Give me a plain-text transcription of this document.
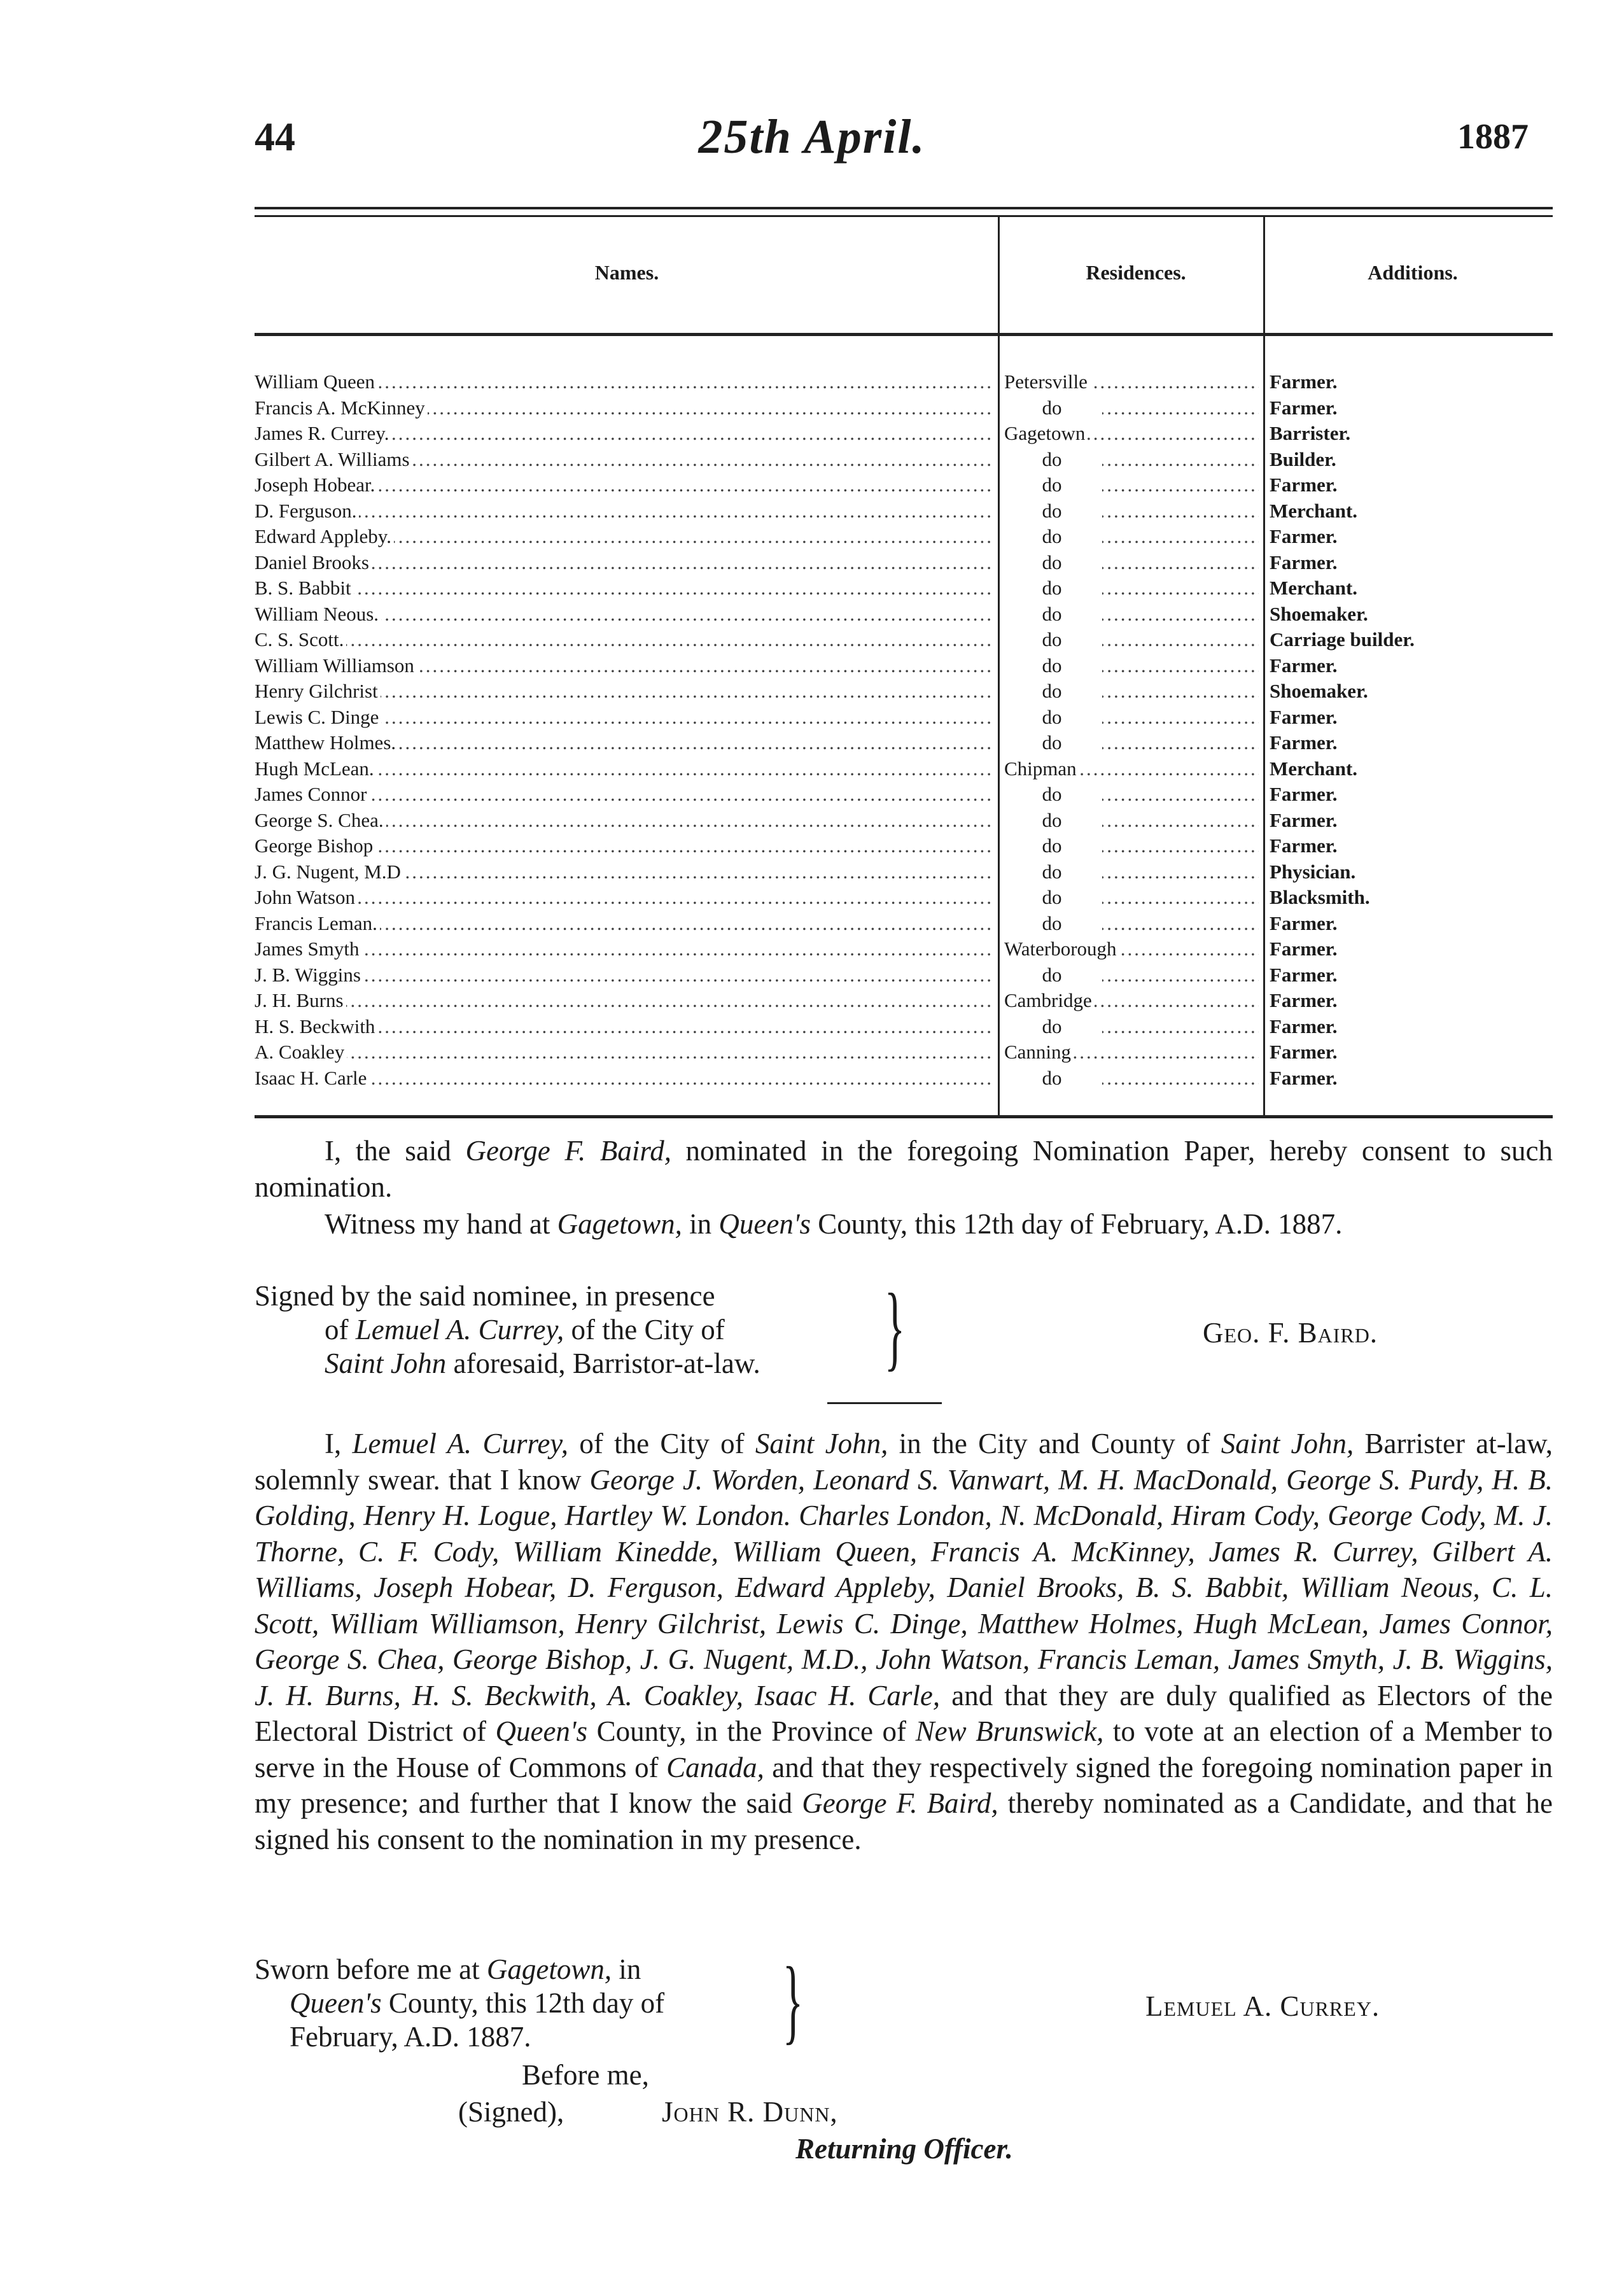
44	25th April.	1887
Names.	Residences.	Additions.
William Queen .....	Petersville .....	Farmer.
Francis A. McKinney .....	do .....	Farmer.
James R. Currey. .....	Gagetown .....	Barrister.
Gilbert A. Williams .....	do .....	Builder.
Joseph Hobear. .....	do .....	Farmer.
D. Ferguson. .....	do .....	Merchant.
Edward Appleby. .....	do .....	Farmer.
Daniel Brooks .....	do .....	Farmer.
B. S. Babbit .....	do .....	Merchant.
William Neous. .....	do .....	Shoemaker.
C. S. Scott. .....	do .....	Carriage builder.
William Williamson .....	do .....	Farmer.
Henry Gilchrist .....	do .....	Shoemaker.
Lewis C. Dinge .....	do .....	Farmer.
Matthew Holmes. .....	do .....	Farmer.
Hugh McLean. .....	Chipman .....	Merchant.
James Connor .....	do .....	Farmer.
George S. Chea. .....	do .....	Farmer.
George Bishop .....	do .....	Farmer.
J. G. Nugent, M.D .....	do .....	Physician.
John Watson .....	do .....	Blacksmith.
Francis Leman. .....	do .....	Farmer.
James Smyth .....	Waterborough .....	Farmer.
J. B. Wiggins .....	do .....	Farmer.
J. H. Burns .....	Cambridge .....	Farmer.
H. S. Beckwith .....	do .....	Farmer.
A. Coakley .....	Canning .....	Farmer.
Isaac H. Carle .....	do .....	Farmer.
I, the said George F. Baird, nominated in the foregoing Nomination Paper, hereby consent to such nomination.
Witness my hand at Gagetown, in Queen's County, this 12th day of February, A.D. 1887.
Signed by the said nominee, in presence
of Lemuel A. Currey, of the City of
Saint John aforesaid, Barristor-at-law.	}	Geo. F. Baird.
I, Lemuel A. Currey, of the City of Saint John, in the City and County of Saint John, Barrister at-law, solemnly swear. that I know George J. Worden, Leonard S. Vanwart, M. H. MacDonald, George S. Purdy, H. B. Golding, Henry H. Logue, Hartley W. London. Charles London, N. McDonald, Hiram Cody, George Cody, M. J. Thorne, C. F. Cody, William Kinedde, William Queen, Francis A. McKinney, James R. Currey, Gilbert A. Williams, Joseph Hobear, D. Ferguson, Edward Appleby, Daniel Brooks, B. S. Babbit, William Neous, C. L. Scott, William Williamson, Henry Gilchrist, Lewis C. Dinge, Matthew Holmes, Hugh McLean, James Connor, George S. Chea, George Bishop, J. G. Nugent, M.D., John Watson, Francis Leman, James Smyth, J. B. Wiggins, J. H. Burns, H. S. Beckwith, A. Coakley, Isaac H. Carle, and that they are duly qualified as Electors of the Electoral District of Queen's County, in the Province of New Brunswick, to vote at an election of a Member to serve in the House of Commons of Canada, and that they respectively signed the foregoing nomination paper in my presence; and further that I know the said George F. Baird, thereby nominated as a Candidate, and that he signed his consent to the nomination in my presence.
Sworn before me at Gagetown, in
Queen's County, this 12th day of
February, A.D. 1887.	}	Lemuel A. Currey.
Before me,
(Signed),	John R. Dunn,
Returning Officer.
